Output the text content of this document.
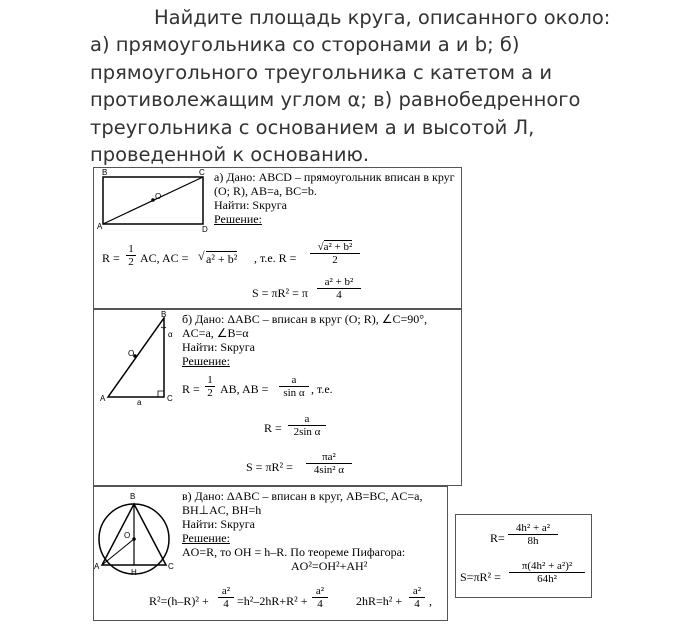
Найдите площадь круга, описанного около:
а) прямоугольника со сторонами а и b; б)
прямоугольного треугольника с катетом а и
противолежащим углом α; в) равнобедренного
треугольника с основанием а и высотой Л,
проведенной к основанию.
A
B	C
D
O
а) Дано: ABCD – прямоугольник вписан в круг
(O; R), AB=a, BC=b.
Найти: Sкруга
Решение:
R =
1
2 AC, AC = √ a² + b² , т.е. R =
√a² + b²
2
S = πR² = π
a² + b²
4
A
B
C
O
a
α
б) Дано: ΔABC – вписан в круг (O; R), ∠C=90°,
AC=a, ∠B=α
Найти: Sкруга
Решение:
R =
1
2 AB, AB =
a
sin α , т.е.
R =
a
2sin α
S = πR² =
πa²
4sin² α
B
A	C
H
O
в) Дано: ΔABC – вписан в круг, AB=BC, AC=a,
BH⊥AC, BH=h
Найти: Sкруга
Решение:
AO=R, то OH = h–R. По теореме Пифагора:
AO²=OH²+AH²
R²=(h–R)² +
a²
4 =h²–2hR+R² +
a²
4	2hR=h² +
a²
4 ,
R=
4h² + a²
8h
S=πR² =
π(4h² + a²)²
64h²
